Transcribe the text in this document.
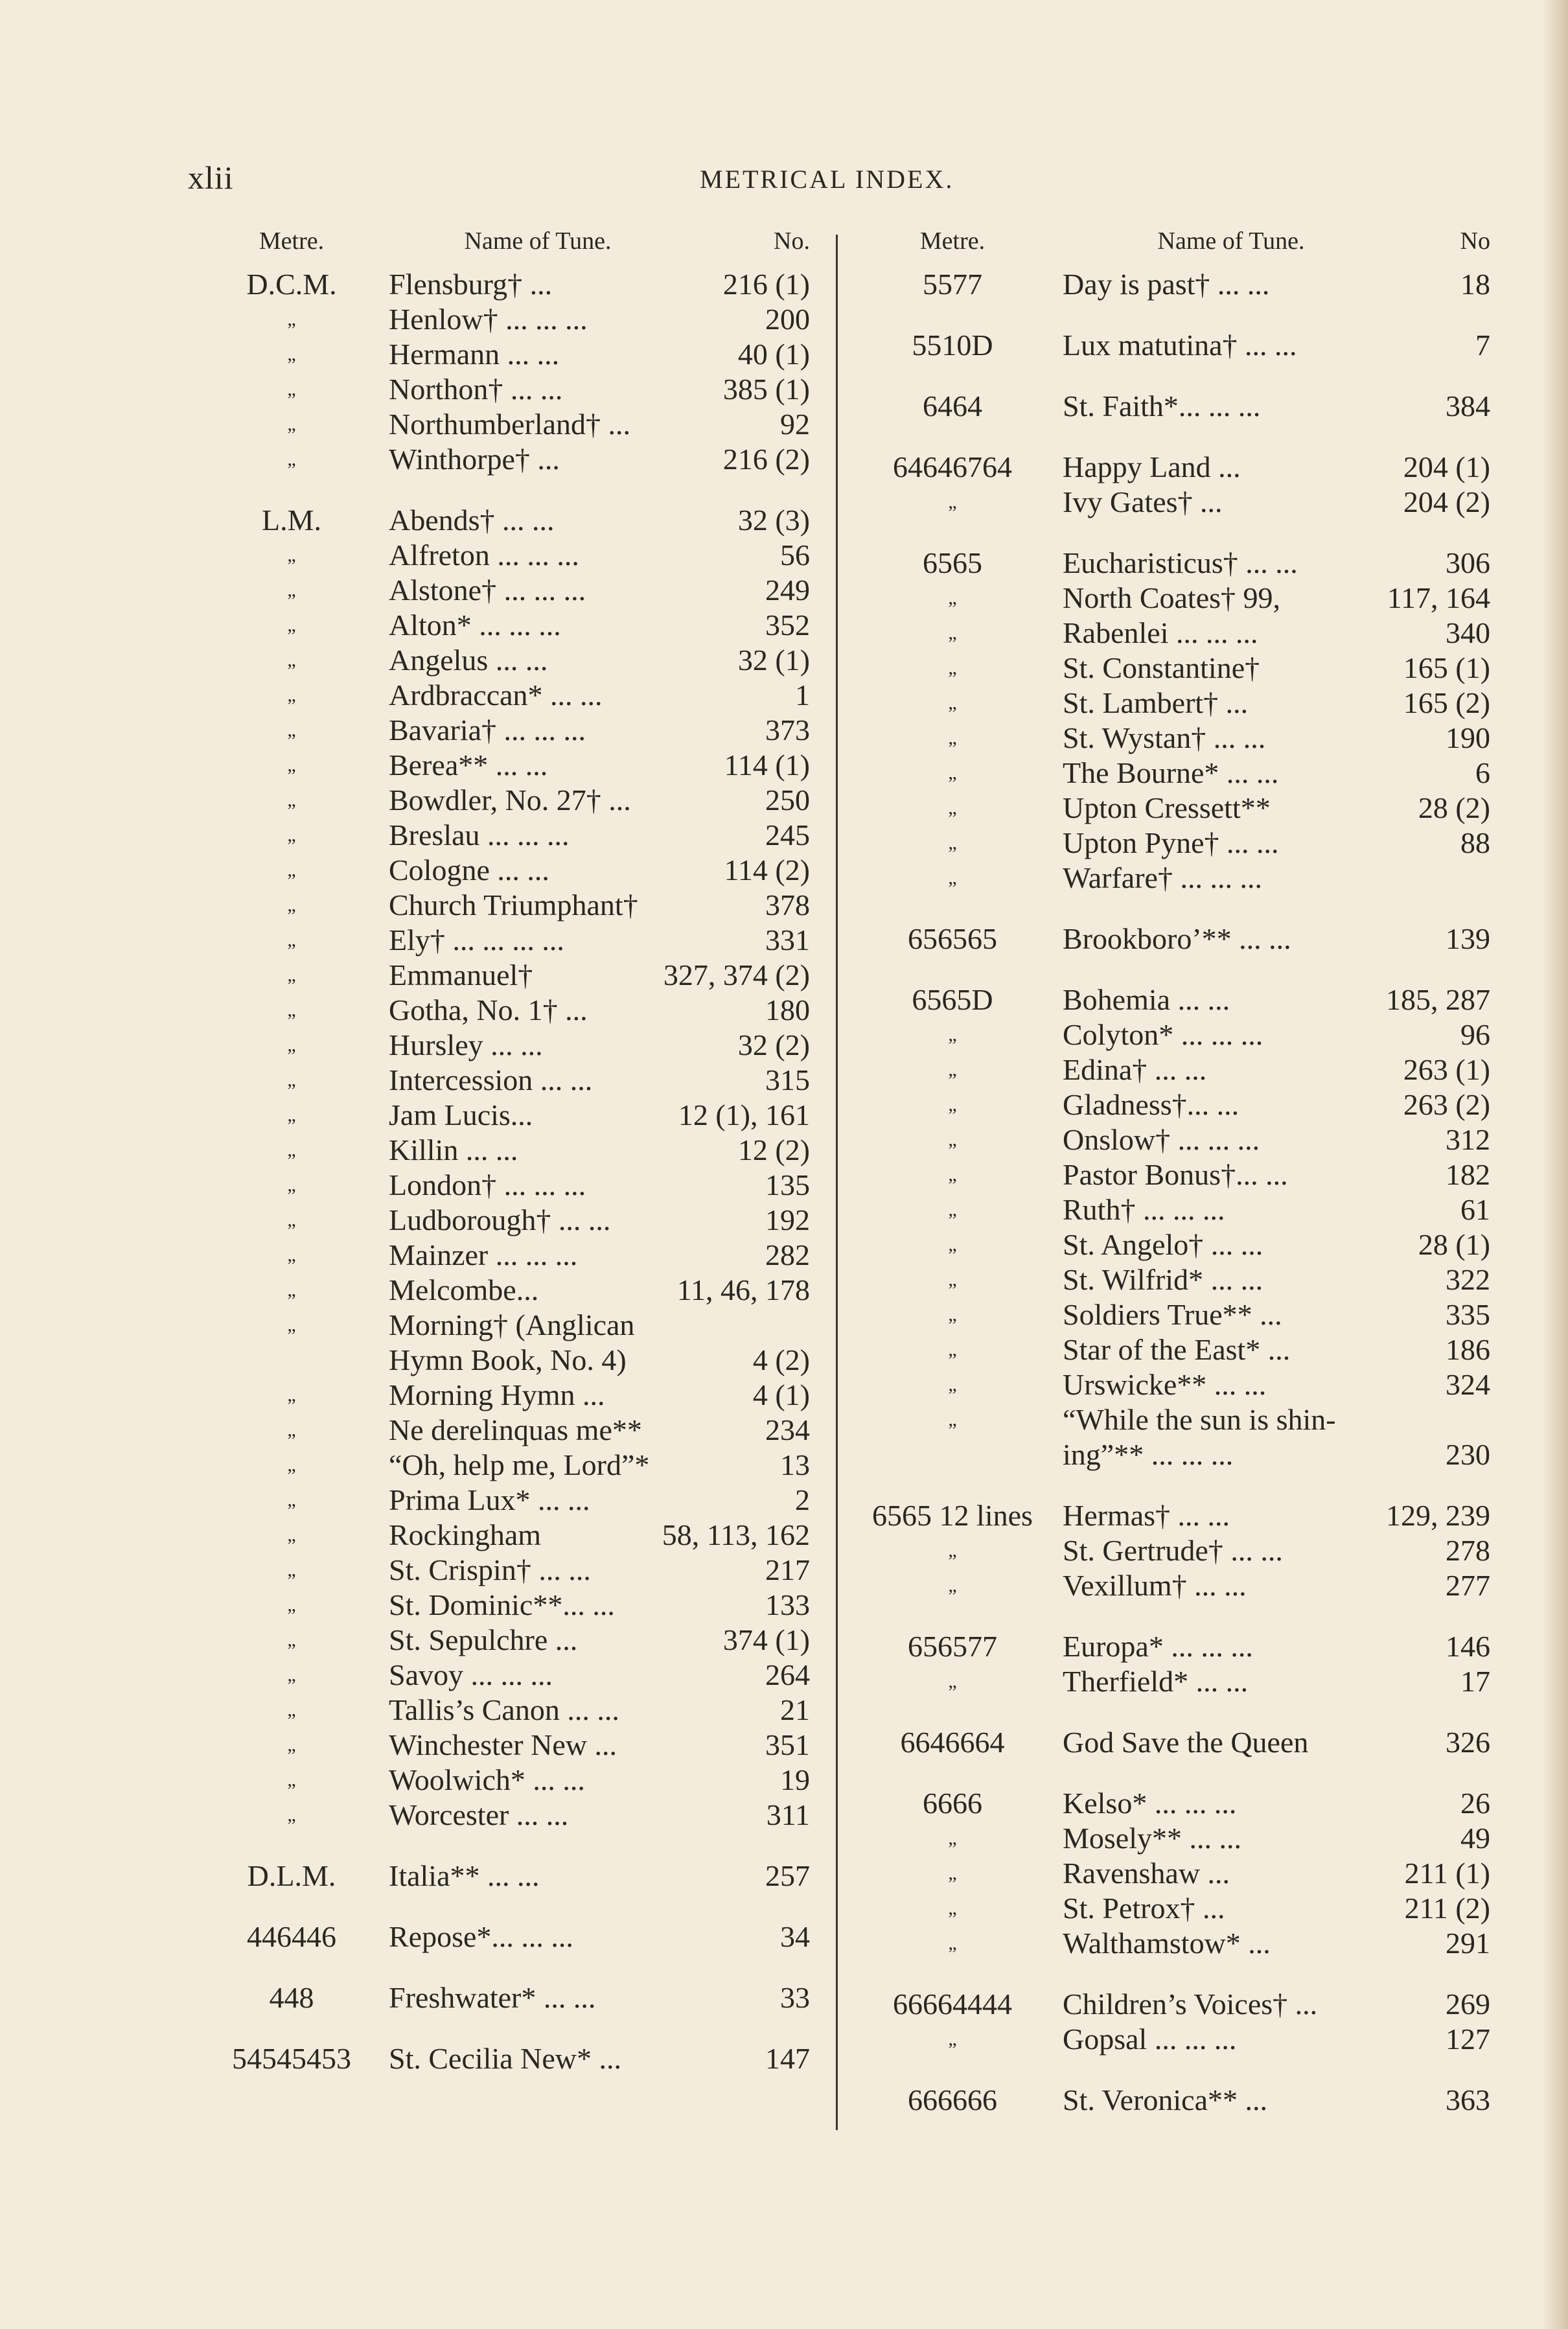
xlii	METRICAL INDEX.
Metre.	Name of Tune.	No.
D.C.M.	Flensburg† ...	216 (1)
„	Henlow† ... ... ...	200
„	Hermann ... ...	40 (1)
„	Northon† ... ...	385 (1)
„	Northumberland† ...	92
„	Winthorpe† ...	216 (2)
L.M.	Abends† ... ...	32 (3)
„	Alfreton ... ... ...	56
„	Alstone† ... ... ...	249
„	Alton* ... ... ...	352
„	Angelus ... ...	32 (1)
„	Ardbraccan* ... ...	1
„	Bavaria† ... ... ...	373
„	Berea** ... ...	114 (1)
„	Bowdler, No. 27† ...	250
„	Breslau ... ... ...	245
„	Cologne ... ...	114 (2)
„	Church Triumphant†	378
„	Ely† ... ... ... ...	331
„	Emmanuel†	327, 374 (2)
„	Gotha, No. 1† ...	180
„	Hursley ... ...	32 (2)
„	Intercession ... ...	315
„	Jam Lucis...	12 (1), 161
„	Killin ... ...	12 (2)
„	London† ... ... ...	135
„	Ludborough† ... ...	192
„	Mainzer ... ... ...	282
„	Melcombe...	11, 46, 178
„	Morning† (Anglican
Hymn Book, No. 4)	4 (2)
„	Morning Hymn ...	4 (1)
„	Ne derelinquas me**	234
„	“Oh, help me, Lord”*	13
„	Prima Lux* ... ...	2
„	Rockingham	58, 113, 162
„	St. Crispin† ... ...	217
„	St. Dominic**... ...	133
„	St. Sepulchre ...	374 (1)
„	Savoy ... ... ...	264
„	Tallis’s Canon ... ...	21
„	Winchester New ...	351
„	Woolwich* ... ...	19
„	Worcester ... ...	311
D.L.M.	Italia** ... ...	257
446446	Repose*... ... ...	34
448	Freshwater* ... ...	33
54545453	St. Cecilia New* ...	147
Metre.	Name of Tune.	No
5577	Day is past† ... ...	18
5510D	Lux matutina† ... ...	7
6464	St. Faith*... ... ...	384
64646764	Happy Land ...	204 (1)
„	Ivy Gates† ...	204 (2)
6565	Eucharisticus† ... ...	306
„	North Coates† 99,	117, 164
„	Rabenlei ... ... ...	340
„	St. Constantine†	165 (1)
„	St. Lambert† ...	165 (2)
„	St. Wystan† ... ...	190
„	The Bourne* ... ...	6
„	Upton Cressett**	28 (2)
„	Upton Pyne† ... ...	88
„	Warfare† ... ... ...
656565	Brookboro’** ... ...	139
6565D	Bohemia ... ...	185, 287
„	Colyton* ... ... ...	96
„	Edina† ... ...	263 (1)
„	Gladness†... ...	263 (2)
„	Onslow† ... ... ...	312
„	Pastor Bonus†... ...	182
„	Ruth† ... ... ...	61
„	St. Angelo† ... ...	28 (1)
„	St. Wilfrid* ... ...	322
„	Soldiers True** ...	335
„	Star of the East* ...	186
„	Urswicke** ... ...	324
„	“While the sun is shin-
ing”** ... ... ...	230
6565 12 lines	Hermas† ... ...	129, 239
„	St. Gertrude† ... ...	278
„	Vexillum† ... ...	277
656577	Europa* ... ... ...	146
„	Therfield* ... ...	17
6646664	God Save the Queen	326
6666	Kelso* ... ... ...	26
„	Mosely** ... ...	49
„	Ravenshaw ...	211 (1)
„	St. Petrox† ...	211 (2)
„	Walthamstow* ...	291
66664444	Children’s Voices† ...	269
„	Gopsal ... ... ...	127
666666	St. Veronica** ...	363
